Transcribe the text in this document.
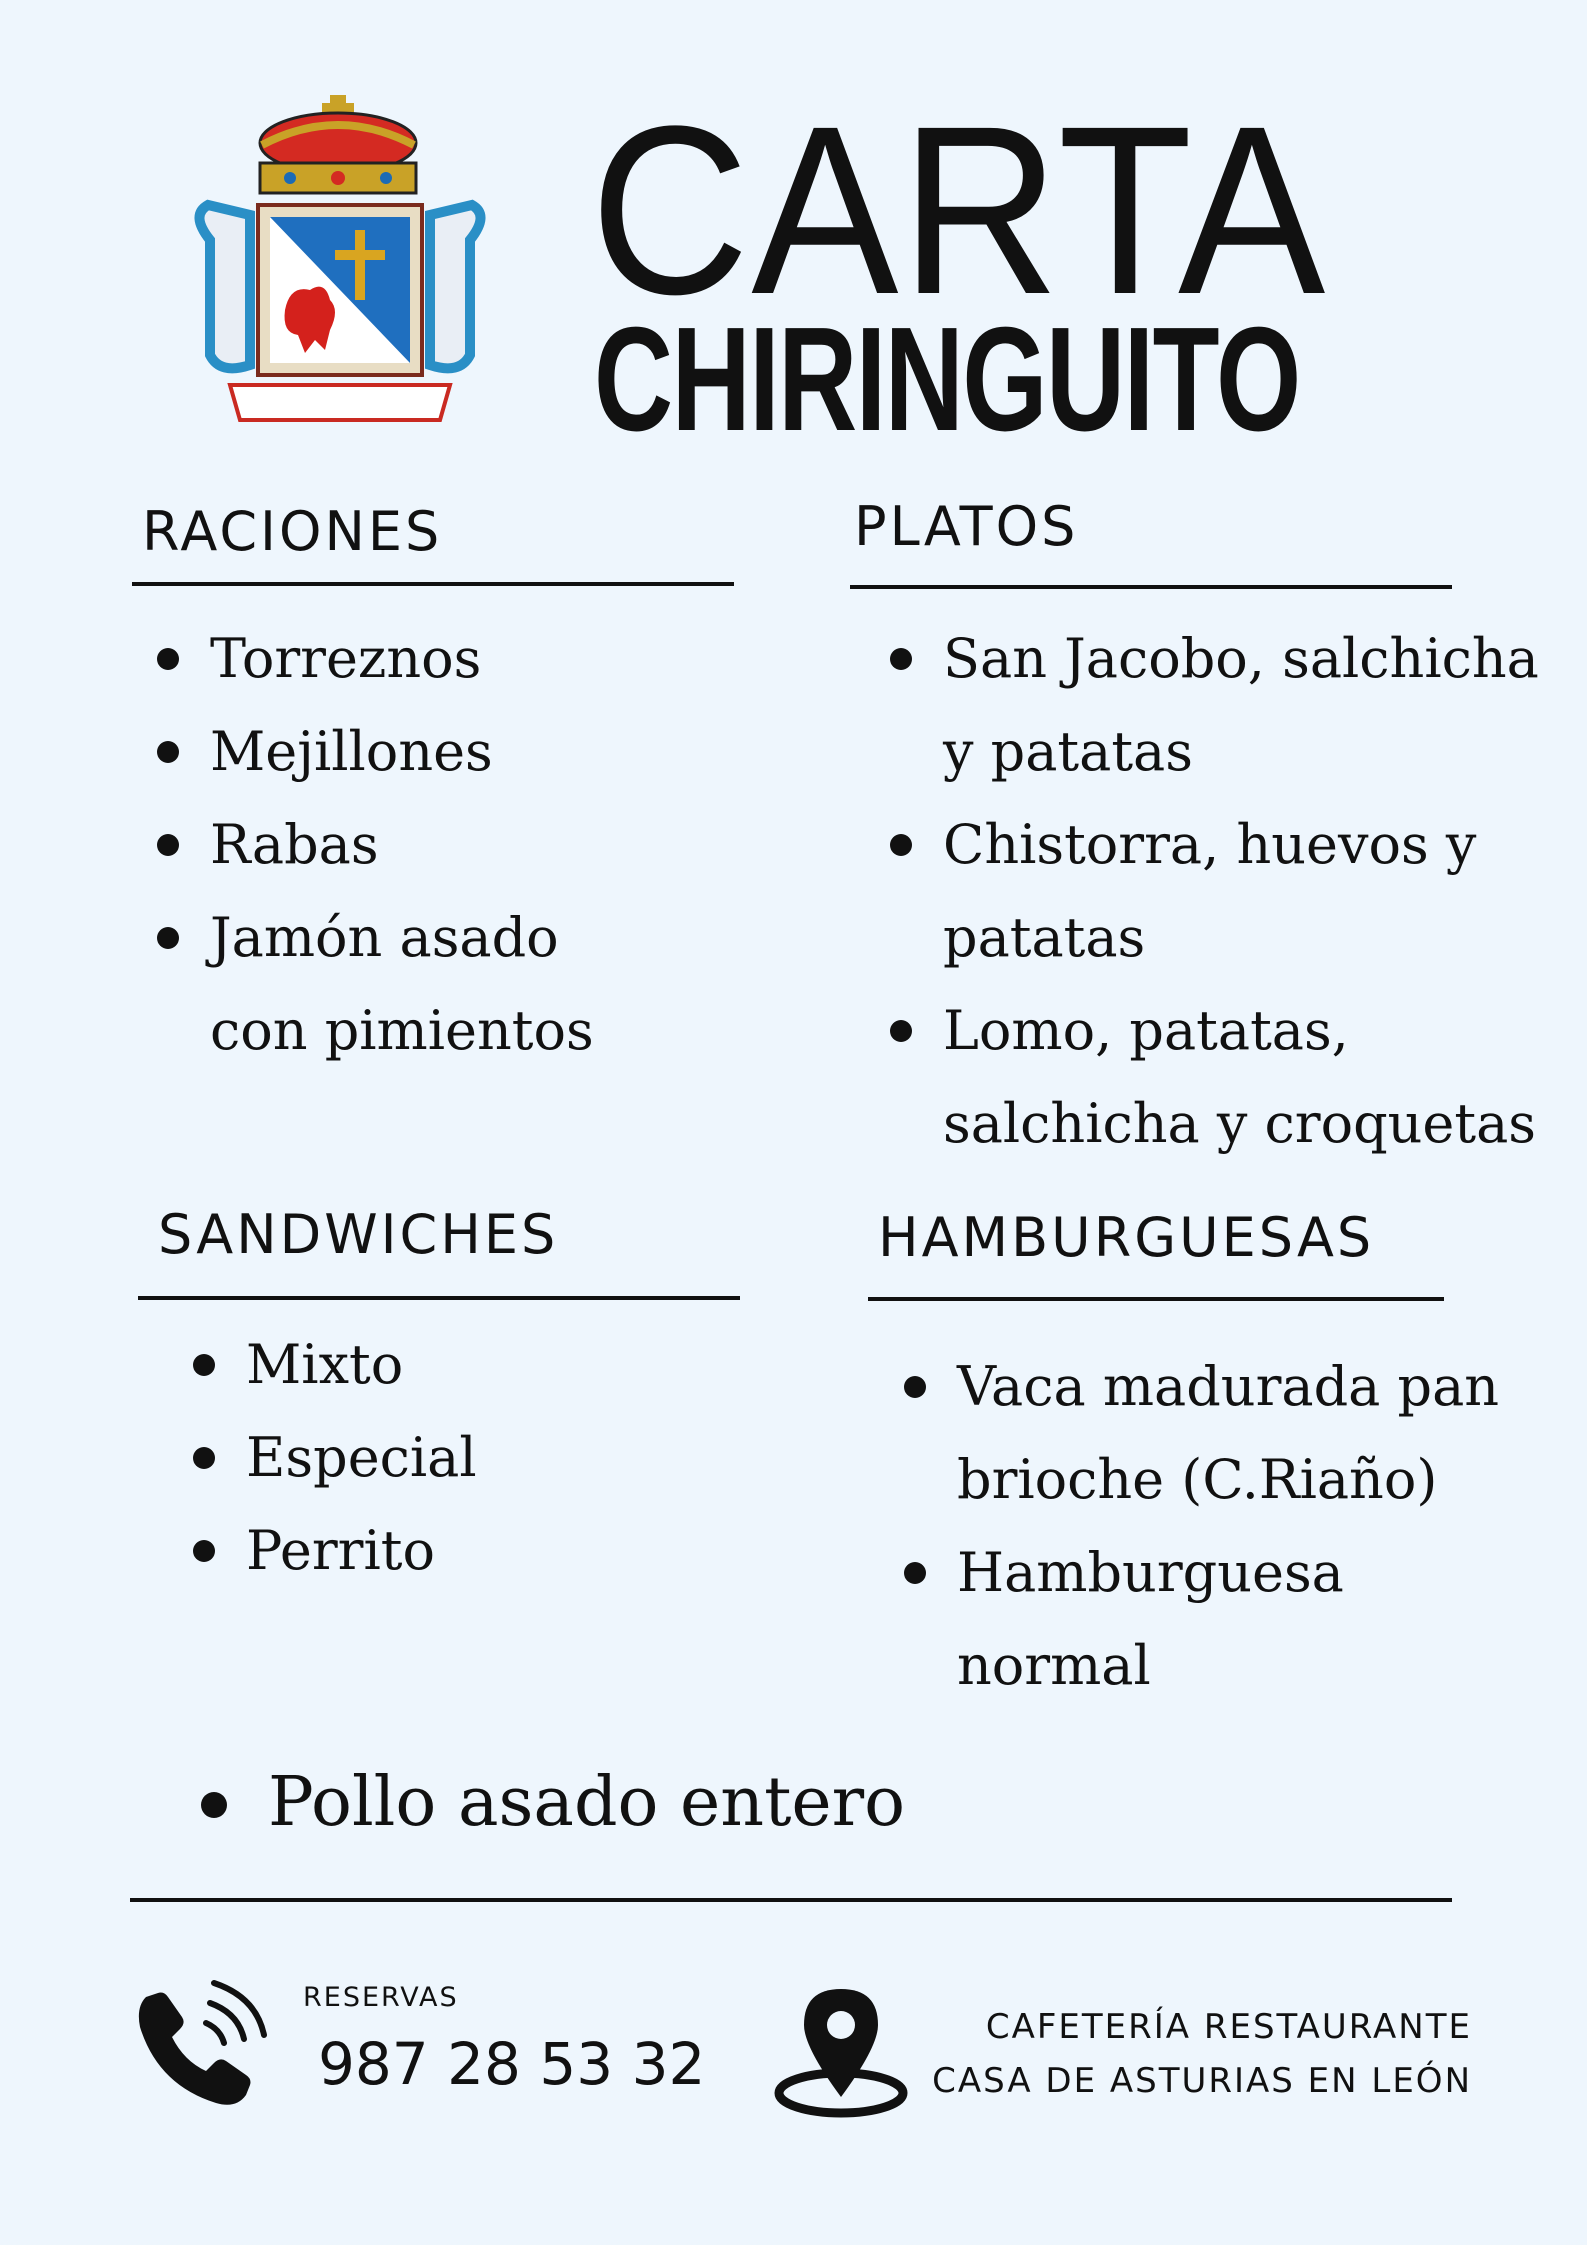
CARTA
CHIRINGUITO
RACIONES
Torreznos
Mejillones
Rabas
Jamón asado con pimientos
PLATOS
San Jacobo, salchicha y patatas
Chistorra, huevos y patatas
Lomo, patatas, salchicha y croquetas
SANDWICHES
Mixto
Especial
Perrito
HAMBURGUESAS
Vaca madurada pan brioche (C.Riaño)
Hamburguesa normal
Pollo asado entero
RESERVAS
987 28 53 32
CAFETERÍA RESTAURANTE
CASA DE ASTURIAS EN LEÓN
